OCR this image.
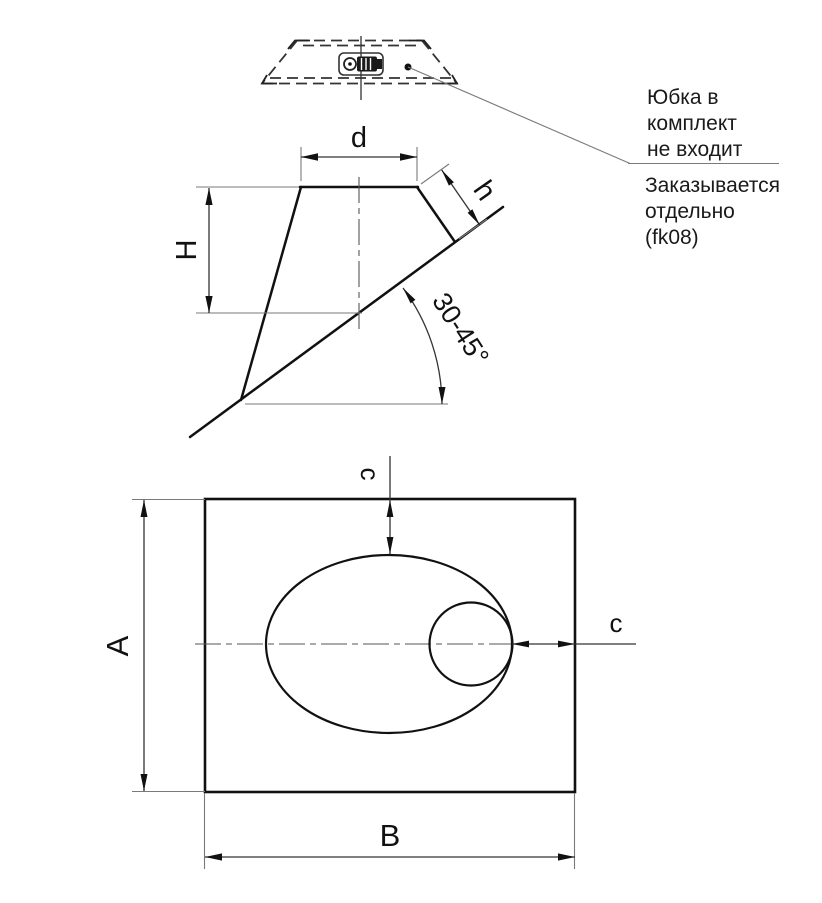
Юбка в
комплект
не входит
Заказывается
отдельно
(fk08)
d
H
h
30-45°
c
c
A
B
